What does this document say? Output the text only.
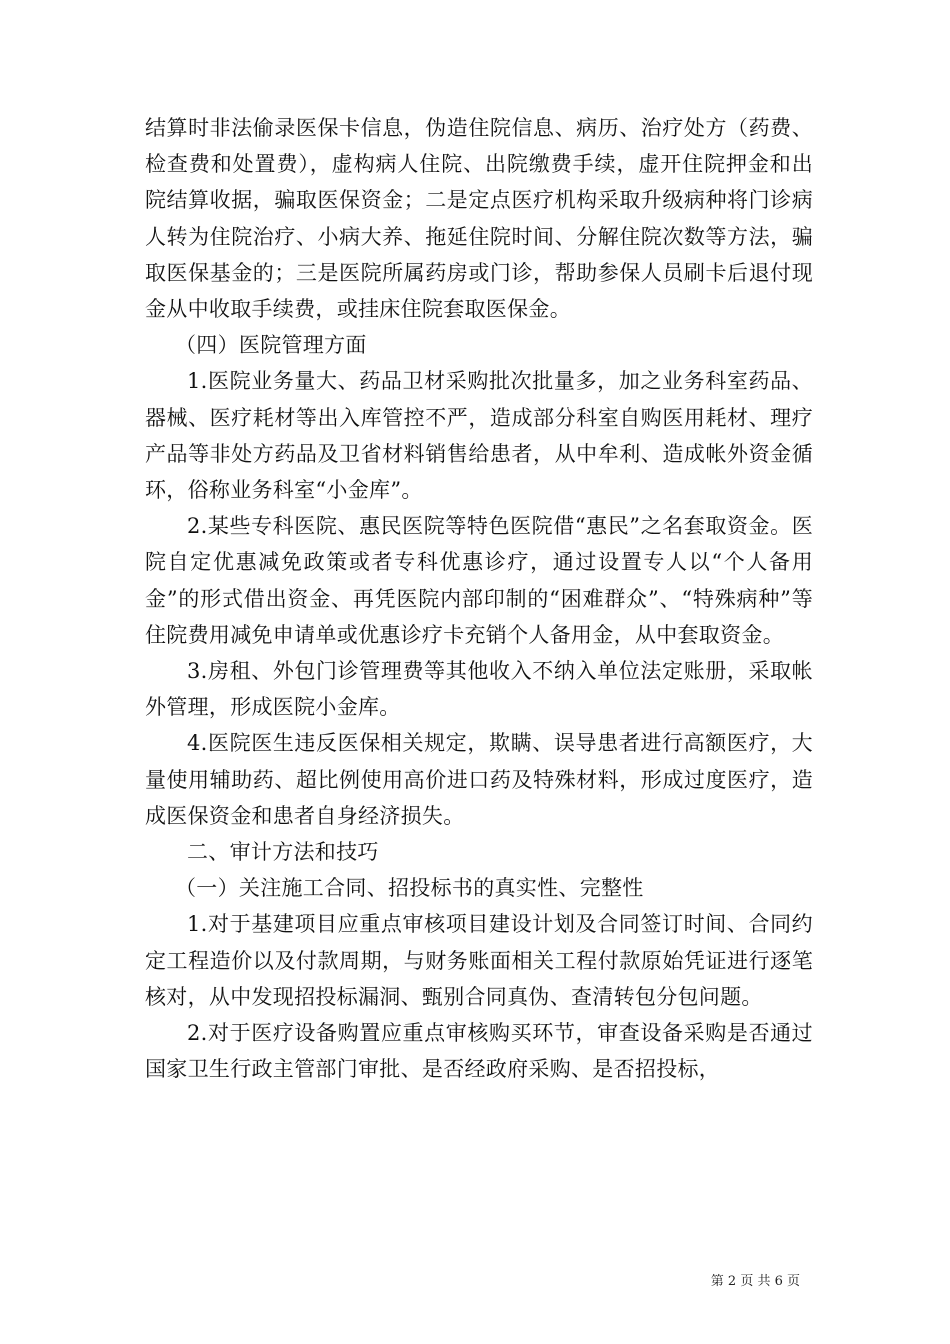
结算时非法偷录医保卡信息，伪造住院信息、病历、治疗处方（药费、检查费和处置费），虚构病人住院、出院缴费手续，虚开住院押金和出院结算收据，骗取医保资金；二是定点医疗机构采取升级病种将门诊病人转为住院治疗、小病大养、拖延住院时间、分解住院次数等方法，骗取医保基金的；三是医院所属药房或门诊，帮助参保人员刷卡后退付现金从中收取手续费，或挂床住院套取医保金。

（四）医院管理方面

1.医院业务量大、药品卫材采购批次批量多，加之业务科室药品、器械、医疗耗材等出入库管控不严，造成部分科室自购医用耗材、理疗产品等非处方药品及卫省材料销售给患者，从中牟利、造成帐外资金循环，俗称业务科室“小金库”。

2.某些专科医院、惠民医院等特色医院借“惠民”之名套取资金。医院自定优惠减免政策或者专科优惠诊疗，通过设置专人以“个人备用金”的形式借出资金、再凭医院内部印制的“困难群众”、“特殊病种”等住院费用减免申请单或优惠诊疗卡充销个人备用金，从中套取资金。

3.房租、外包门诊管理费等其他收入不纳入单位法定账册，采取帐外管理，形成医院小金库。

4.医院医生违反医保相关规定，欺瞒、误导患者进行高额医疗，大量使用辅助药、超比例使用高价进口药及特殊材料，形成过度医疗，造成医保资金和患者自身经济损失。

二、审计方法和技巧

（一）关注施工合同、招投标书的真实性、完整性

1.对于基建项目应重点审核项目建设计划及合同签订时间、合同约定工程造价以及付款周期，与财务账面相关工程付款原始凭证进行逐笔核对，从中发现招投标漏洞、甄别合同真伪、查清转包分包问题。

2.对于医疗设备购置应重点审核购买环节，审查设备采购是否通过国家卫生行政主管部门审批、是否经政府采购、是否招投标，

第 2 页 共 6 页
